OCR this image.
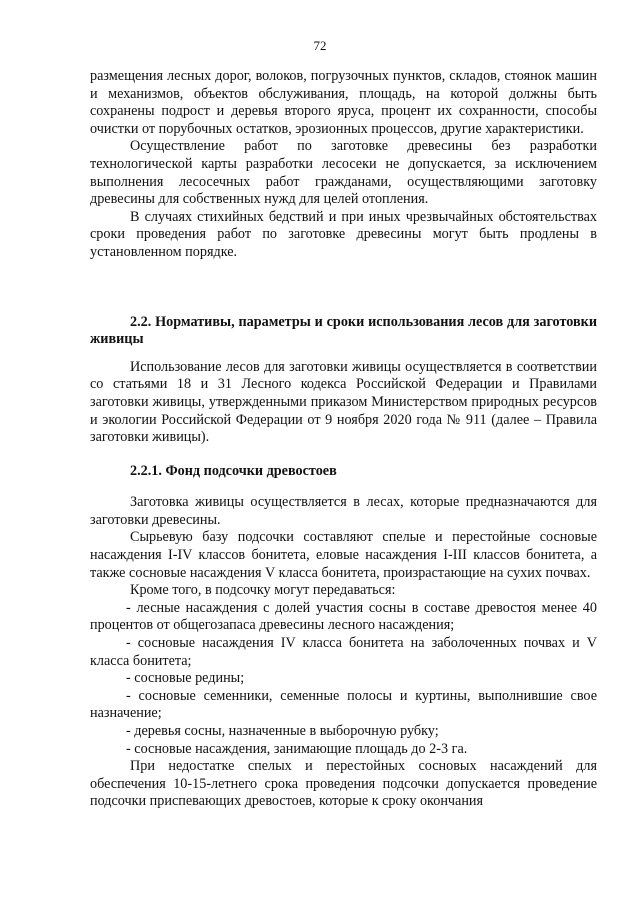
72

размещения лесных дорог, волоков, погрузочных пунктов, складов, стоянок машин и механизмов, объектов обслуживания, площадь, на которой должны быть сохранены подрост и деревья второго яруса, процент их сохранности, способы очистки от порубочных остатков, эрозионных процессов, другие характеристики.

Осуществление работ по заготовке древесины без разработки технологической карты разработки лесосеки не допускается, за исключением выполнения лесосечных работ гражданами, осуществляющими заготовку древесины для собственных нужд для целей отопления.

В случаях стихийных бедствий и при иных чрезвычайных обстоятельствах сроки проведения работ по заготовке древесины могут быть продлены в установленном порядке.

2.2. Нормативы, параметры и сроки использования лесов для заготовки живицы

Использование лесов для заготовки живицы осуществляется в соответствии со статьями 18 и 31 Лесного кодекса Российской Федерации и Правилами заготовки живицы, утвержденными приказом Министерством природных ресурсов и экологии Российской Федерации от 9 ноября 2020 года № 911 (далее – Правила заготовки живицы).

2.2.1. Фонд подсочки древостоев

Заготовка живицы осуществляется в лесах, которые предназначаются для заготовки древесины.

Сырьевую базу подсочки составляют спелые и перестойные сосновые насаждения I-IV классов бонитета, еловые насаждения I-III классов бонитета, а также сосновые насаждения V класса бонитета, произрастающие на сухих почвах.

Кроме того, в подсочку могут передаваться:

- лесные насаждения с долей участия сосны в составе древостоя менее 40 процентов от общегозапаса древесины лесного насаждения;

- сосновые насаждения IV класса бонитета на заболоченных почвах и V класса бонитета;

- сосновые редины;

- сосновые семенники, семенные полосы и куртины, выполнившие свое назначение;

- деревья сосны, назначенные в выборочную рубку;

- сосновые насаждения, занимающие площадь до 2-3 га.

При недостатке спелых и перестойных сосновых насаждений для обеспечения 10-15-летнего срока проведения подсочки допускается проведение подсочки приспевающих древостоев, которые к сроку окончания
